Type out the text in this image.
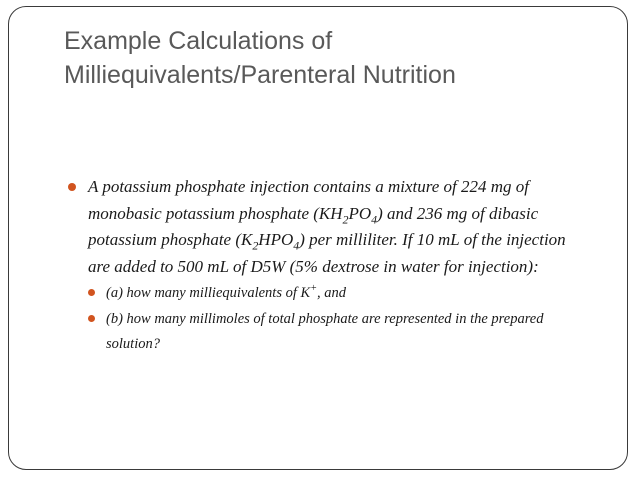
Example Calculations of
Milliequivalents/Parenteral Nutrition
A potassium phosphate injection contains a mixture of 224 mg of monobasic potassium phosphate $(KH_2PO_4)$ and 236 mg of dibasic potassium phosphate $(K_2HPO_4)$ per milliliter. If 10 mL of the injection are added to 500 mL of D5W (5% dextrose in water for injection):
(a) how many milliequivalents of K+, and
(b) how many millimoles of total phosphate are represented in the prepared solution?
